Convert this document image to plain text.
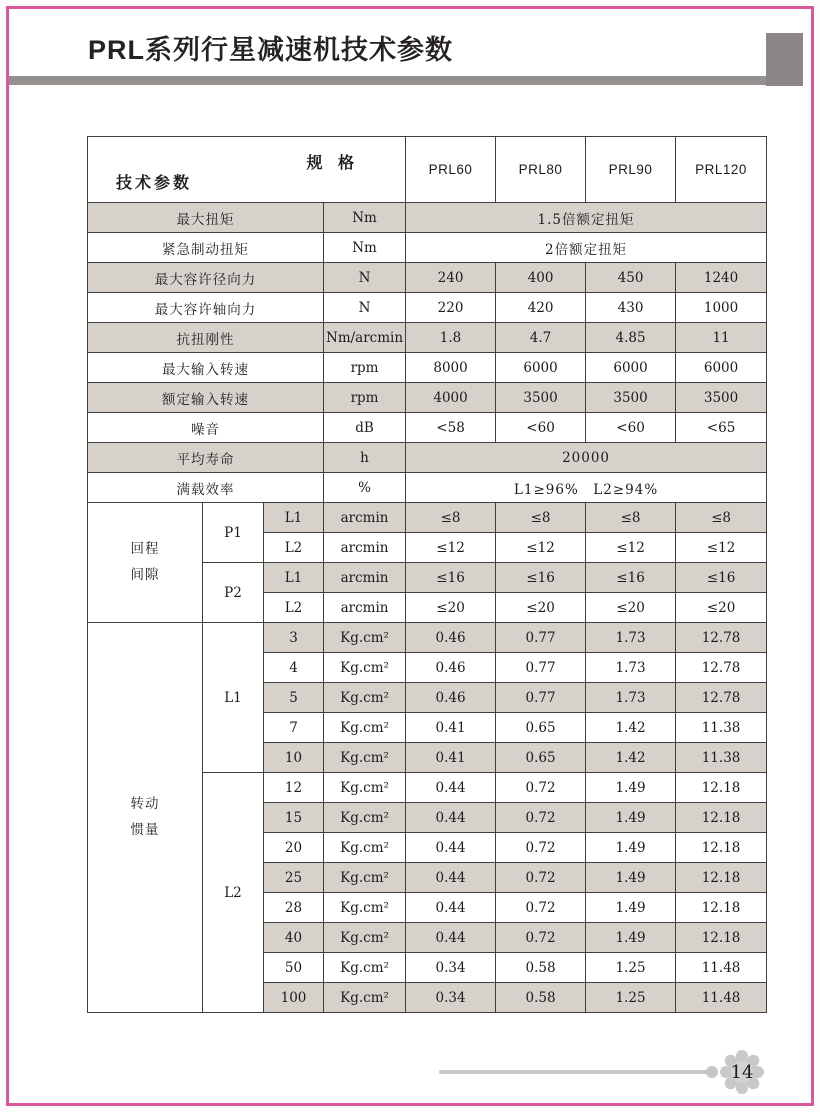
PRL系列行星减速机技术参数
规 格
技术参数				PRL60	PRL80	PRL90	PRL120
最大扭矩			Nm	1.5倍额定扭矩			
紧急制动扭矩			Nm	2倍额定扭矩			
最大容许径向力			N	240	400	450	1240
最大容许轴向力			N	220	420	430	1000
抗扭刚性			Nm/arcmin	1.8	4.7	4.85	11
最大输入转速			rpm	8000	6000	6000	6000
额定输入转速			rpm	4000	3500	3500	3500
噪音			dB	<58	<60	<60	<65
平均寿命			h	20000			
满载效率			%	L1≥96%　L2≥94%			

回程
间隙	P1	L1	arcmin	≤8	≤8	≤8	≤8
		L2	arcmin	≤12	≤12	≤12	≤12
	P2	L1	arcmin	≤16	≤16	≤16	≤16
		L2	arcmin	≤20	≤20	≤20	≤20

转动
惯量	L1	3	Kg.cm²	0.46	0.77	1.73	12.78
		4	Kg.cm²	0.46	0.77	1.73	12.78
		5	Kg.cm²	0.46	0.77	1.73	12.78
		7	Kg.cm²	0.41	0.65	1.42	11.38
		10	Kg.cm²	0.41	0.65	1.42	11.38
	L2	12	Kg.cm²	0.44	0.72	1.49	12.18
		15	Kg.cm²	0.44	0.72	1.49	12.18
		20	Kg.cm²	0.44	0.72	1.49	12.18
		25	Kg.cm²	0.44	0.72	1.49	12.18
		28	Kg.cm²	0.44	0.72	1.49	12.18
		40	Kg.cm²	0.44	0.72	1.49	12.18
		50	Kg.cm²	0.34	0.58	1.25	11.48
		100	Kg.cm²	0.34	0.58	1.25	11.48
14
